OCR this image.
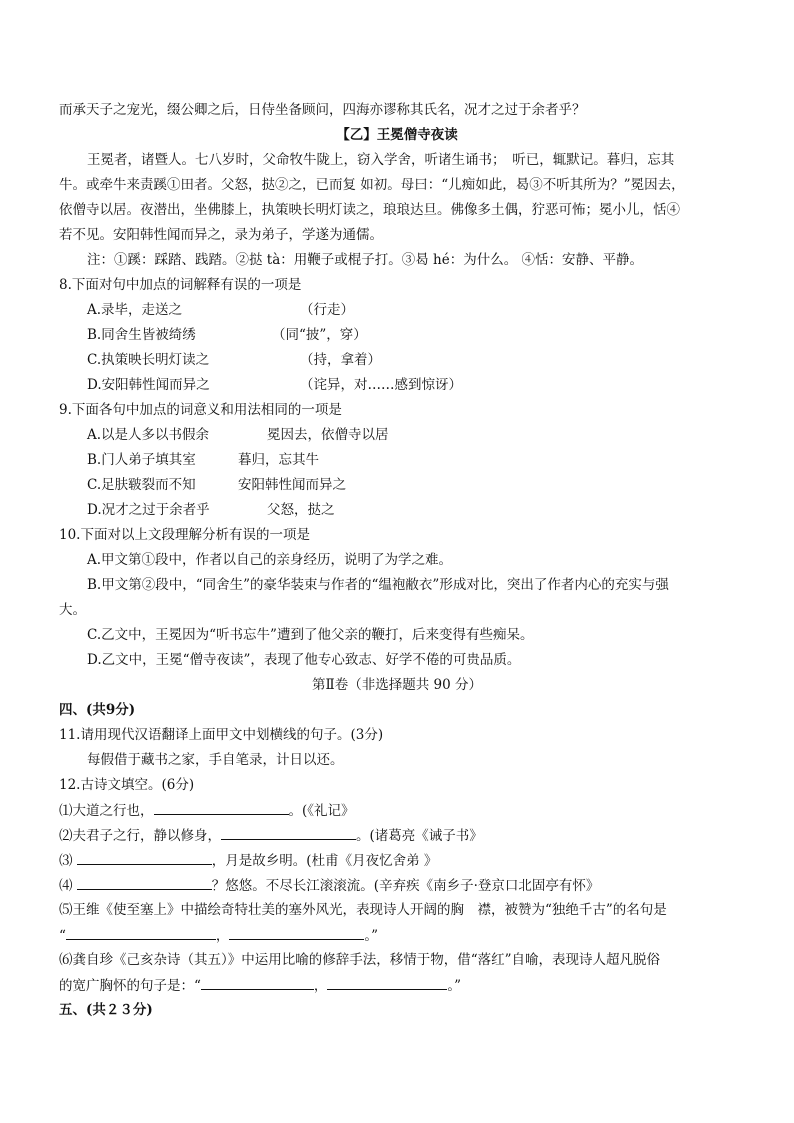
而承天子之宠光，缀公卿之后，日侍坐备顾问，四海亦谬称其氏名，况才之过于余者乎？
【乙】王冕僧寺夜读
王冕者，诸暨人。七八岁时，父命牧牛陇上，窃入学舍，听诸生诵书；　听已，辄默记。暮归，忘其
牛。或牵牛来责蹊①田者。父怒，挞②之，已而复 如初。母曰：“儿痴如此，曷③不听其所为？”冕因去，
依僧寺以居。夜潜出，坐佛膝上，执策映长明灯读之，琅琅达旦。佛像多土偶，狞恶可怖；冕小儿，恬④
若不见。安阳韩性闻而异之，录为弟子，学遂为通儒。
注：①蹊：踩踏、践踏。②挞 tà：用鞭子或棍子打。③曷 hé：为什么。 ④恬：安静、平静。
8.下面对句中加点的词解释有误的一项是
A.录毕，走送之	（行走）
B.同舍生皆被绮绣	（同“披”，穿）
C.执策映长明灯读之	（持，拿着）
D.安阳韩性闻而异之	（诧异，对……感到惊讶）
9.下面各句中加点的词意义和用法相同的一项是
A.以是人多以书假余	冕因去，依僧寺以居
B.门人弟子填其室	暮归，忘其牛
C.足肤皲裂而不知	安阳韩性闻而异之
D.况才之过于余者乎	父怒，挞之
10.下面对以上文段理解分析有误的一项是
A.甲文第①段中，作者以自己的亲身经历，说明了为学之难。
B.甲文第②段中，“同舍生”的豪华装束与作者的“缊袍敝衣”形成对比，突出了作者内心的充实与强
大。
C.乙文中，王冕因为“听书忘牛”遭到了他父亲的鞭打，后来变得有些痴呆。
D.乙文中，王冕“僧寺夜读”，表现了他专心致志、好学不倦的可贵品质。
第Ⅱ卷（非选择题共 90 分）
四、(共9分)
11.请用现代汉语翻译上面甲文中划横线的句子。(3分)
每假借于藏书之家，手自笔录，计日以还。
12.古诗文填空。(6分)
⑴大道之行也，	。(《礼记》
⑵夫君子之行，静以修身，	。(诸葛亮《诫子书》
⑶	，月是故乡明。(杜甫《月夜忆舍弟 》
⑷	？悠悠。不尽长江滚滚流。(辛弃疾《南乡子·登京口北固亭有怀》
⑸王维《使至塞上》中描绘奇特壮美的塞外风光，表现诗人开阔的胸　襟，被赞为“独绝千古”的名句是
“	，	。”
⑹龚自珍《己亥杂诗（其五）》中运用比喻的修辞手法，移情于物，借“落红”自喻，表现诗人超凡脱俗
的宽广胸怀的句子是：“	，	。”
五、(共２３分)
